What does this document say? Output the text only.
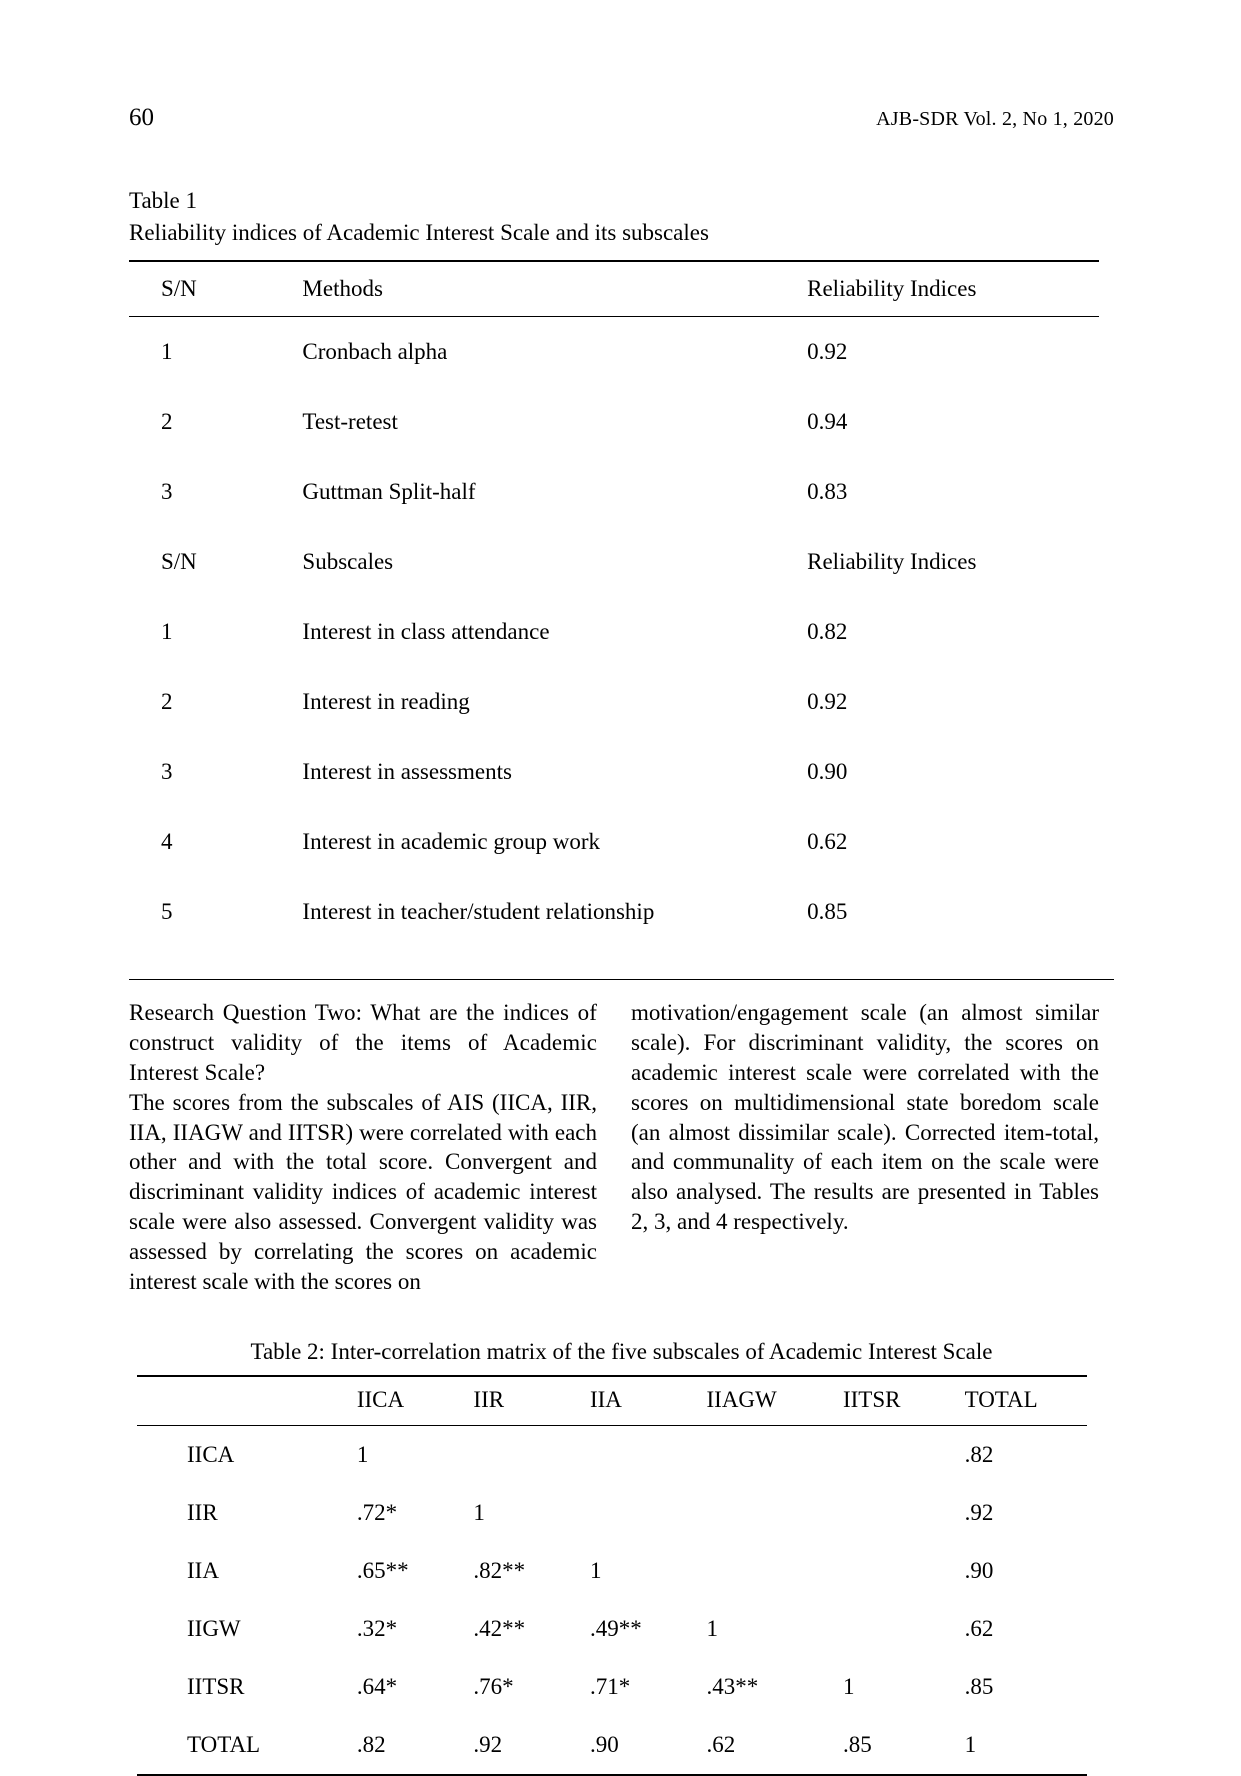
60	AJB-SDR Vol. 2, No 1, 2020
Table 1
Reliability indices of Academic Interest Scale and its subscales
S/N	Methods	Reliability Indices
1	Cronbach alpha	0.92
2	Test-retest	0.94
3	Guttman Split-half	0.83
S/N	Subscales	Reliability Indices
1	Interest in class attendance	0.82
2	Interest in reading	0.92
3	Interest in assessments	0.90
4	Interest in academic group work	0.62
5	Interest in teacher/student relationship	0.85

Research Question Two: What are the indices of construct validity of the items of Academic Interest Scale?

The scores from the subscales of AIS (IICA, IIR, IIA, IIAGW and IITSR) were correlated with each other and with the total score. Convergent and discriminant validity indices of academic interest scale were also assessed. Convergent validity was assessed by correlating the scores on academic interest scale with the scores on

motivation/engagement scale (an almost similar scale). For discriminant validity, the scores on academic interest scale were correlated with the scores on multidimensional state boredom scale (an almost dissimilar scale). Corrected item-total, and communality of each item on the scale were also analysed. The results are presented in Tables 2, 3, and 4 respectively.

Table 2: Inter-correlation matrix of the five subscales of Academic Interest Scale
	IICA	IIR	IIA	IIAGW	IITSR	TOTAL
IICA	1					.82
IIR	.72*	1				.92
IIA	.65**	.82**	1			.90
IIGW	.32*	.42**	.49**	1		.62
IITSR	.64*	.76*	.71*	.43**	1	.85
TOTAL	.82	.92	.90	.62	.85	1
